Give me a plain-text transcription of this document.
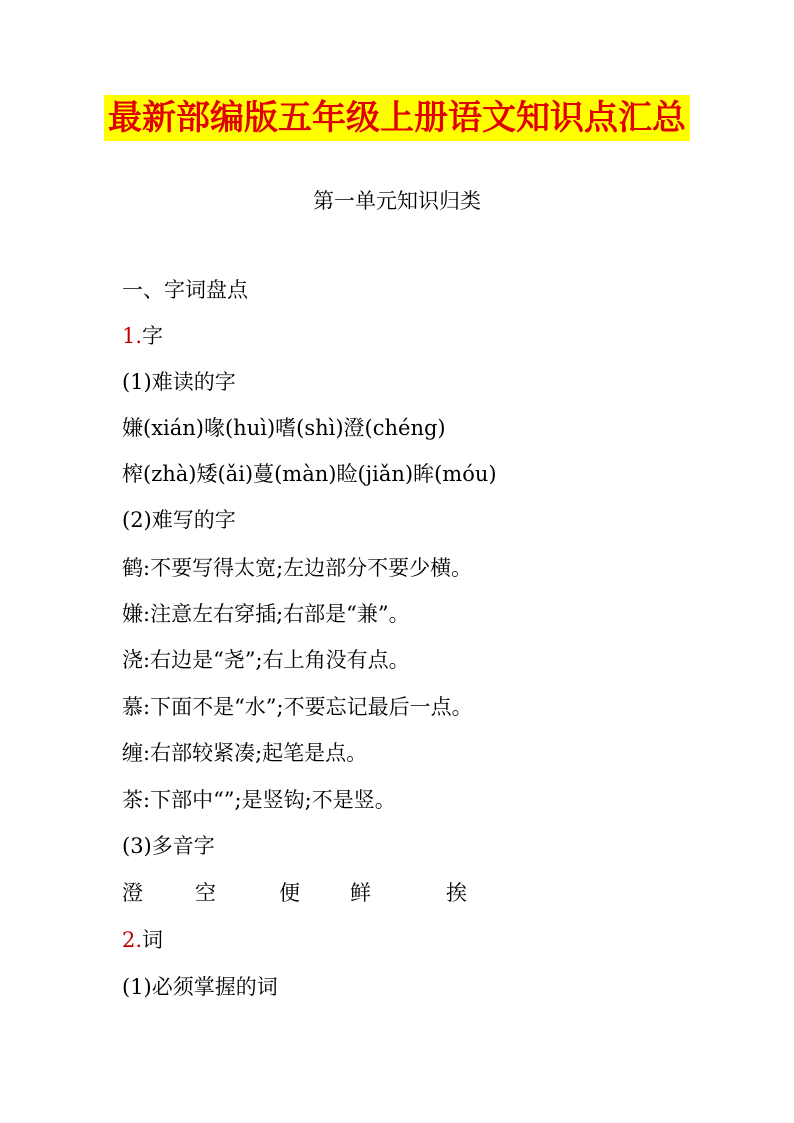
最新部编版五年级上册语文知识点汇总
第一单元知识归类
一、字词盘点
1.字
(1)难读的字
嫌(xián)喙(huì)嗜(shì)澄(chéng)
榨(zhà)矮(ǎi)蔓(màn)睑(jiǎn)眸(móu)
(2)难写的字
鹤:不要写得太宽;左边部分不要少横。
嫌:注意左右穿插;右部是“兼”。
浇:右边是“尧”;右上角没有点。
慕:下面不是“水”;不要忘记最后一点。
缠:右部较紧凑;起笔是点。
茶:下部中“”;是竖钩;不是竖。
(3)多音字
澄 空	便 鲜	挨
2.词
(1)必须掌握的词
